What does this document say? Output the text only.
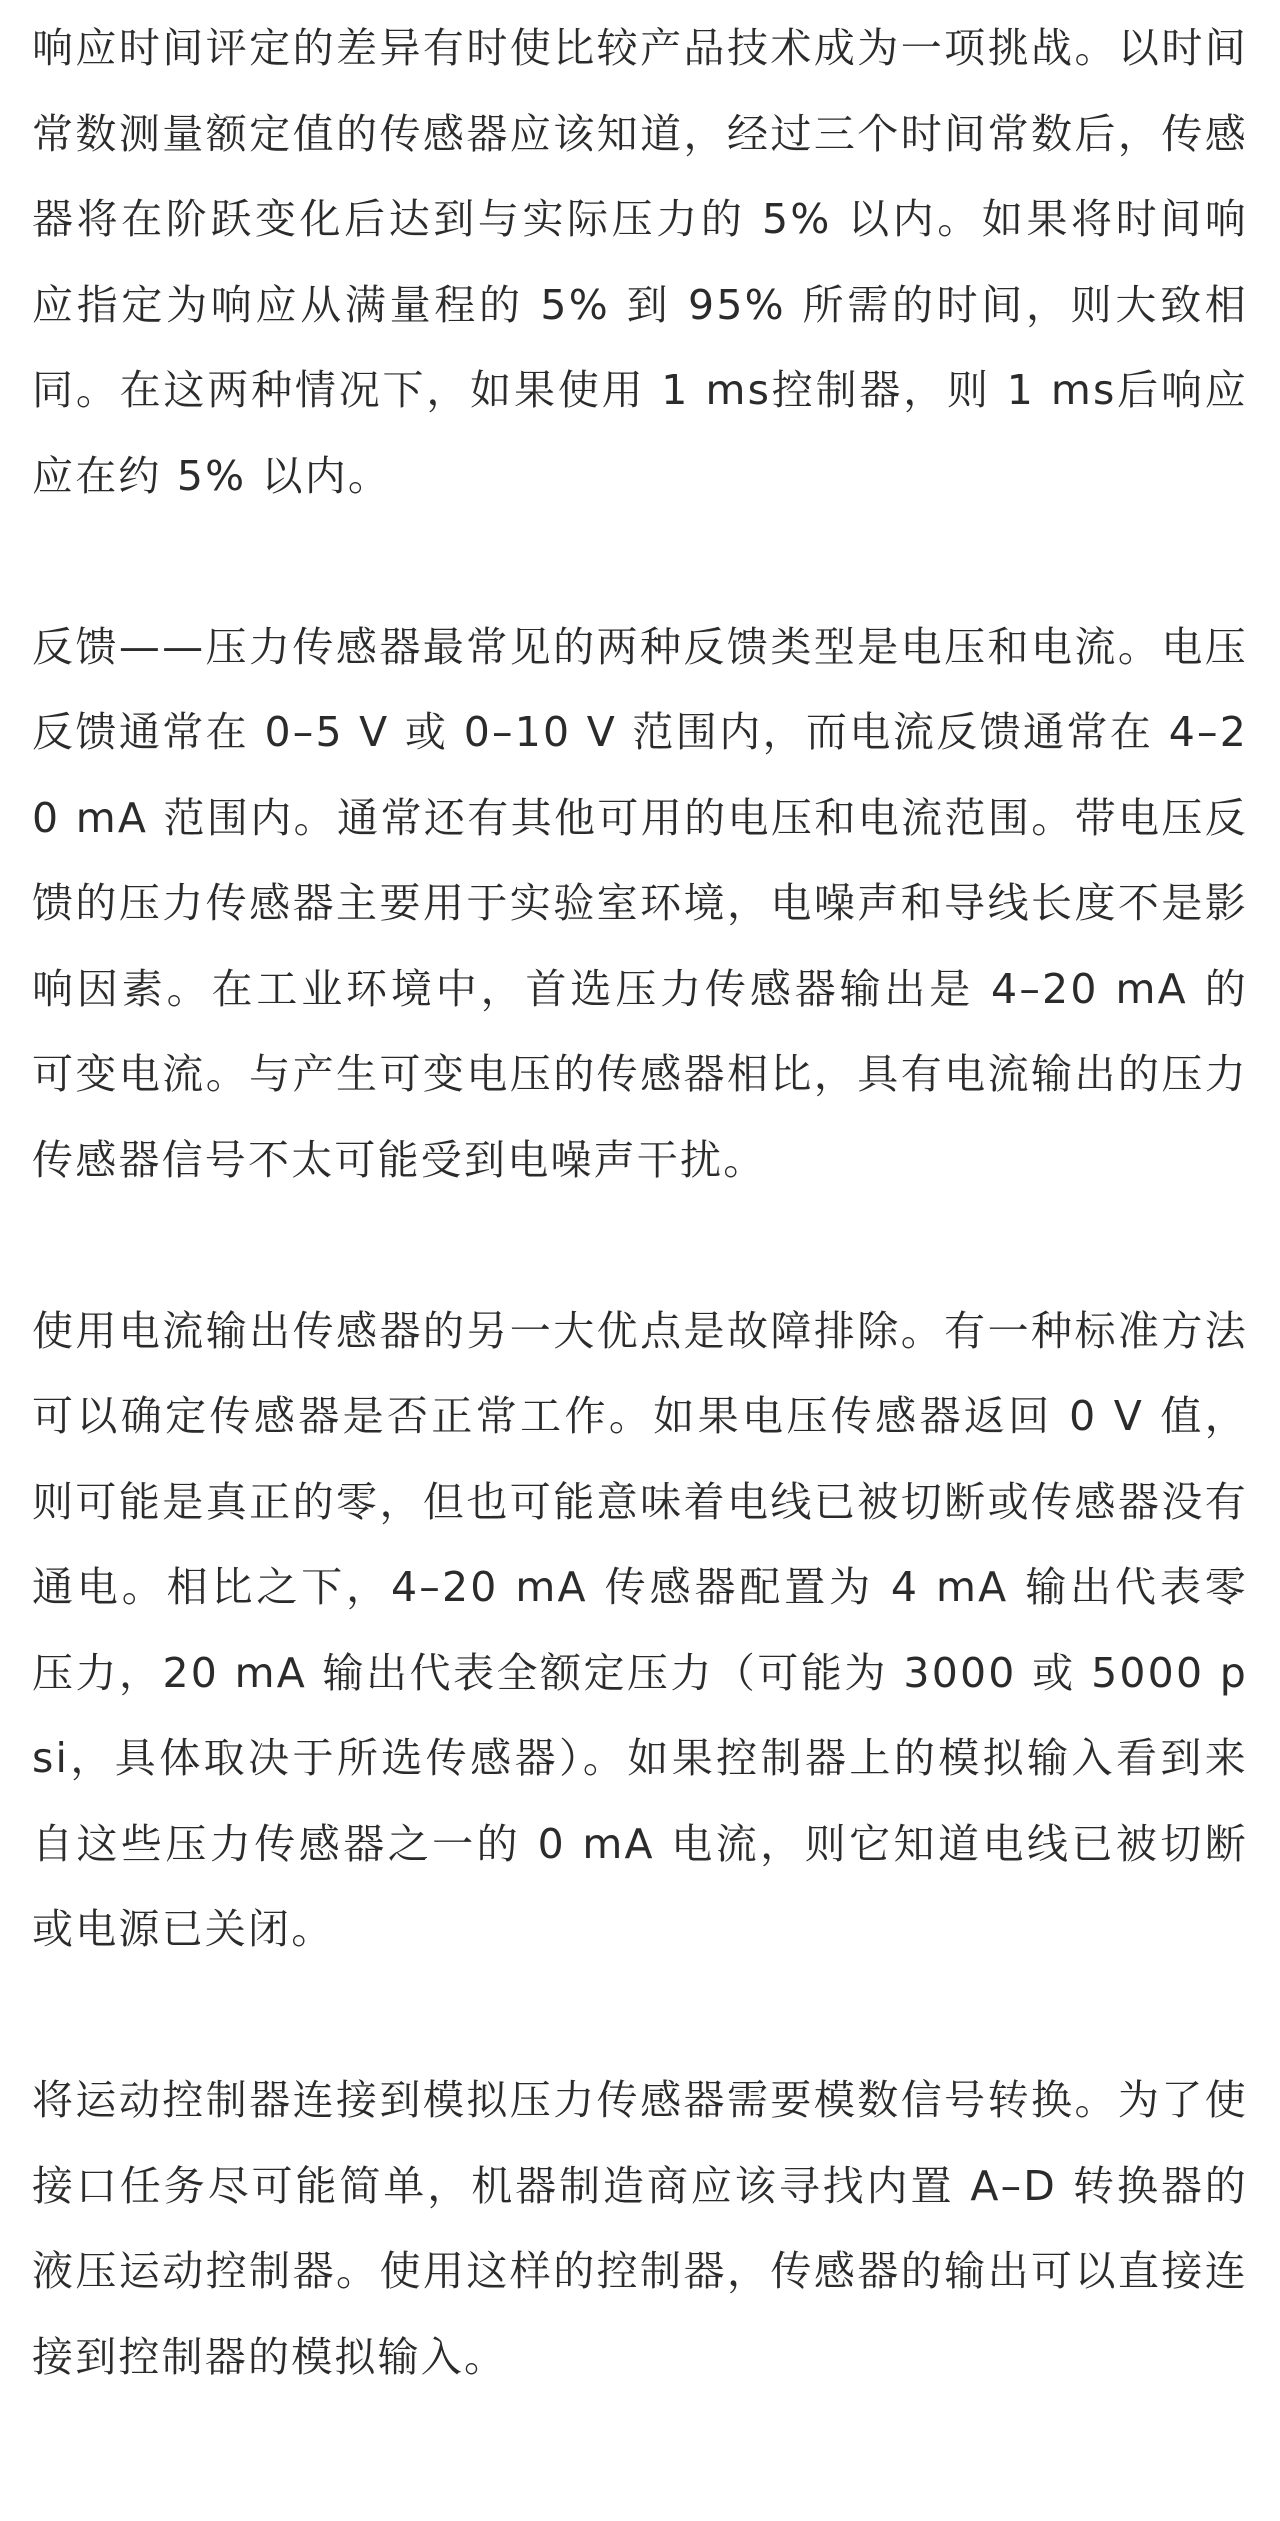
响应时间评定的差异有时使比较产品技术成为一项挑战。以时间常数测量额定值的传感器应该知道，经过三个时间常数后，传感器将在阶跃变化后达到与实际压力的 5% 以内。如果将时间响应指定为响应从满量程的 5% 到 95% 所需的时间，则大致相同。在这两种情况下，如果使用 1 ms控制器，则 1 ms后响应应在约 5% 以内。

反馈——压力传感器最常见的两种反馈类型是电压和电流。电压反馈通常在 0–5 V 或 0–10 V 范围内，而电流反馈通常在 4–20 mA 范围内。通常还有其他可用的电压和电流范围。带电压反馈的压力传感器主要用于实验室环境，电噪声和导线长度不是影响因素。在工业环境中，首选压力传感器输出是 4–20 mA 的可变电流。与产生可变电压的传感器相比，具有电流输出的压力传感器信号不太可能受到电噪声干扰。

使用电流输出传感器的另一大优点是故障排除。有一种标准方法可以确定传感器是否正常工作。如果电压传感器返回 0 V 值，则可能是真正的零，但也可能意味着电线已被切断或传感器没有通电。相比之下，4–20 mA 传感器配置为 4 mA 输出代表零压力，20 mA 输出代表全额定压力（可能为 3000 或 5000 psi，具体取决于所选传感器）。如果控制器上的模拟输入看到来自这些压力传感器之一的 0 mA 电流，则它知道电线已被切断或电源已关闭。

将运动控制器连接到模拟压力传感器需要模数信号转换。为了使接口任务尽可能简单，机器制造商应该寻找内置 A–D 转换器的液压运动控制器。使用这样的控制器，传感器的输出可以直接连接到控制器的模拟输入。
